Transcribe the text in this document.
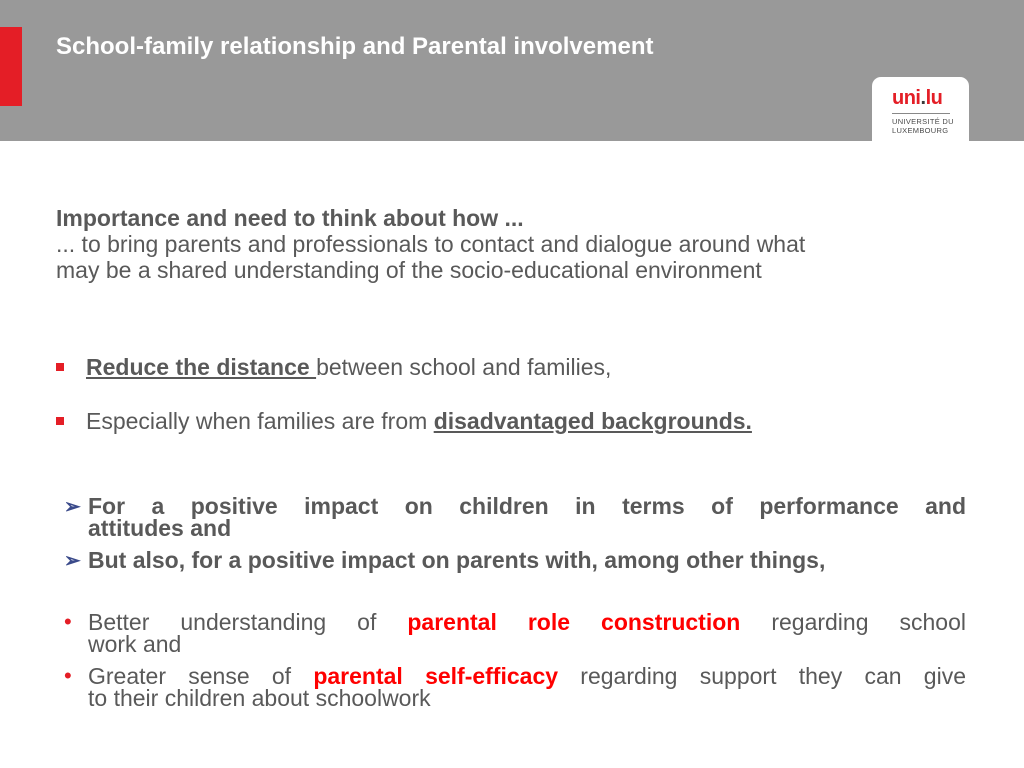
School-family relationship and Parental involvement
uni.lu
UNIVERSITÉ DU
LUXEMBOURG
Importance and need to think about how ...
... to bring parents and professionals to contact and dialogue around what
may be a shared understanding of the socio-educational environment
Reduce the distance between school and families,
Especially when families are from disadvantaged backgrounds.
➢ For a positive impact on children in terms of performance and
attitudes and
➢ But also, for a positive impact on parents with, among other things,
• Better understanding of parental role construction regarding school
work and
• Greater sense of parental self-efficacy regarding support they can give
to their children about schoolwork
